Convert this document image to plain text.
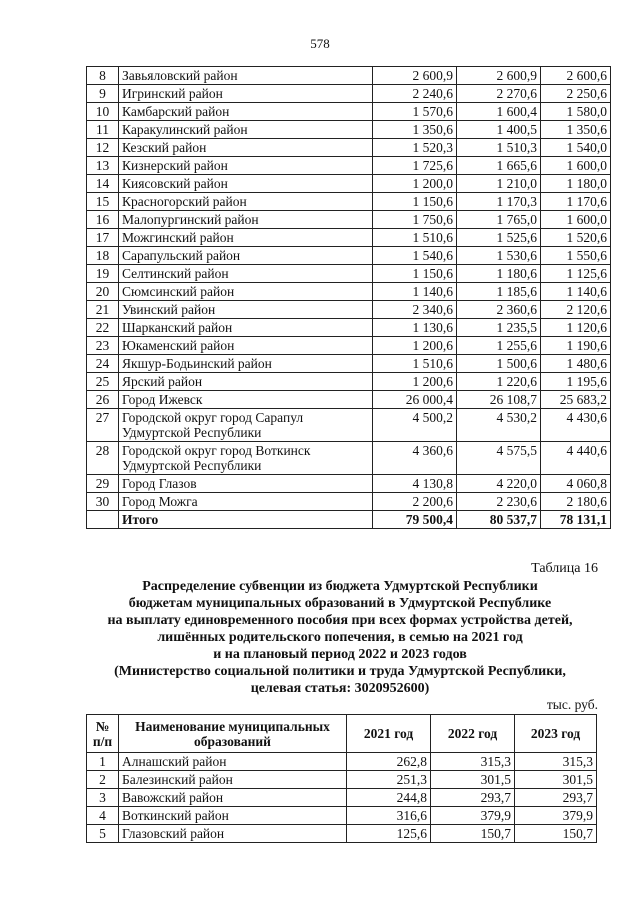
578
8	Завьяловский район	2 600,9	2 600,9	2 600,6
9	Игринский район	2 240,6	2 270,6	2 250,6
10	Камбарский район	1 570,6	1 600,4	1 580,0
11	Каракулинский район	1 350,6	1 400,5	1 350,6
12	Кезский район	1 520,3	1 510,3	1 540,0
13	Кизнерский район	1 725,6	1 665,6	1 600,0
14	Киясовский район	1 200,0	1 210,0	1 180,0
15	Красногорский район	1 150,6	1 170,3	1 170,6
16	Малопургинский район	1 750,6	1 765,0	1 600,0
17	Можгинский район	1 510,6	1 525,6	1 520,6
18	Сарапульский район	1 540,6	1 530,6	1 550,6
19	Селтинский район	1 150,6	1 180,6	1 125,6
20	Сюмсинский район	1 140,6	1 185,6	1 140,6
21	Увинский район	2 340,6	2 360,6	2 120,6
22	Шарканский район	1 130,6	1 235,5	1 120,6
23	Юкаменский район	1 200,6	1 255,6	1 190,6
24	Якшур-Бодьинский район	1 510,6	1 500,6	1 480,6
25	Ярский район	1 200,6	1 220,6	1 195,6
26	Город Ижевск	26 000,4	26 108,7	25 683,2
27	Городской округ город Сарапул Удмуртской Республики	4 500,2	4 530,2	4 430,6
28	Городской округ город Воткинск Удмуртской Республики	4 360,6	4 575,5	4 440,6
29	Город Глазов	4 130,8	4 220,0	4 060,8
30	Город Можга	2 200,6	2 230,6	2 180,6
	Итого	79 500,4	80 537,7	78 131,1
Таблица 16
Распределение субвенции из бюджета Удмуртской Республики
бюджетам муниципальных образований в Удмуртской Республике
на выплату единовременного пособия при всех формах устройства детей,
лишённых родительского попечения, в семью на 2021 год
и на плановый период 2022 и 2023 годов
(Министерство социальной политики и труда Удмуртской Республики,
целевая статья: 3020952600)
тыс. руб.
№ п/п	Наименование муниципальных образований	2021 год	2022 год	2023 год
1	Алнашский район	262,8	315,3	315,3
2	Балезинский район	251,3	301,5	301,5
3	Вавожский район	244,8	293,7	293,7
4	Воткинский район	316,6	379,9	379,9
5	Глазовский район	125,6	150,7	150,7
